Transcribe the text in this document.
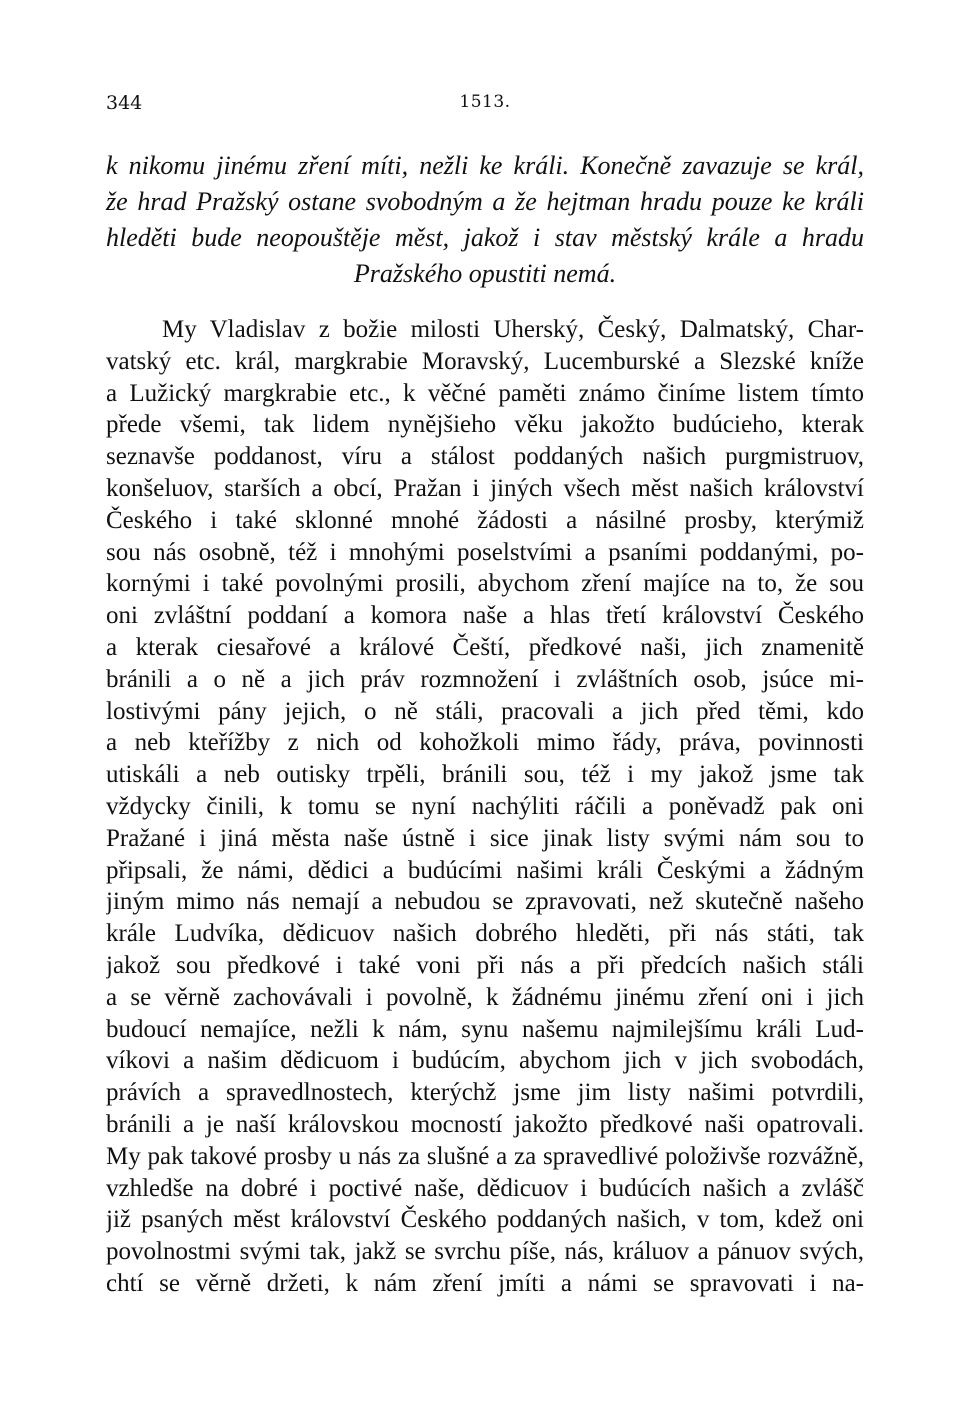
344	1513.
k nikomu jinému zření míti, nežli ke králi. Konečně zavazuje se král,
že hrad Pražský ostane svobodným a že hejtman hradu pouze ke králi
hleděti bude neopouštěje měst, jakož i stav městský krále a hradu
Pražského opustiti nemá.
My Vladislav z božie milosti Uherský, Český, Dalmatský, Char-
vatský etc. král, margkrabie Moravský, Lucemburské a Slezské kníže
a Lužický margkrabie etc., k věčné paměti známo činíme listem tímto
přede všemi, tak lidem nynějšieho věku jakožto budúcieho, kterak
seznavše poddanost, víru a stálost poddaných našich purgmistruov,
konšeluov, starších a obcí, Pražan i jiných všech měst našich království
Českého i také sklonné mnohé žádosti a násilné prosby, kterýmiž
sou nás osobně, též i mnohými poselstvími a psaními poddanými, po-
kornými i také povolnými prosili, abychom zření majíce na to, že sou
oni zvláštní poddaní a komora naše a hlas třetí království Českého
a kterak ciesařové a králové Čeští, předkové naši, jich znamenitě
bránili a o ně a jich práv rozmnožení i zvláštních osob, jsúce mi-
lostivými pány jejich, o ně stáli, pracovali a jich před těmi, kdo
a neb kteřížby z nich od kohožkoli mimo řády, práva, povinnosti
utiskáli a neb outisky trpěli, bránili sou, též i my jakož jsme tak
vždycky činili, k tomu se nyní nachýliti ráčili a poněvadž pak oni
Pražané i jiná města naše ústně i sice jinak listy svými nám sou to
připsali, že námi, dědici a budúcími našimi králi Českými a žádným
jiným mimo nás nemají a nebudou se zpravovati, než skutečně našeho
krále Ludvíka, dědicuov našich dobrého hleděti, při nás státi, tak
jakož sou předkové i také voni při nás a při předcích našich stáli
a se věrně zachovávali i povolně, k žádnému jinému zření oni i jich
budoucí nemajíce, nežli k nám, synu našemu najmilejšímu králi Lud-
víkovi a našim dědicuom i budúcím, abychom jich v jich svobodách,
právích a spravedlnostech, kterýchž jsme jim listy našimi potvrdili,
bránili a je naší královskou mocností jakožto předkové naši opatrovali.
My pak takové prosby u nás za slušné a za spravedlivé položivše rozvážně,
vzhledše na dobré i poctivé naše, dědicuov i budúcích našich a zvlášč
již psaných měst království Českého poddaných našich, v tom, kdež oni
povolnostmi svými tak, jakž se svrchu píše, nás, králuov a pánuov svých,
chtí se věrně držeti, k nám zření jmíti a námi se spravovati i na-
